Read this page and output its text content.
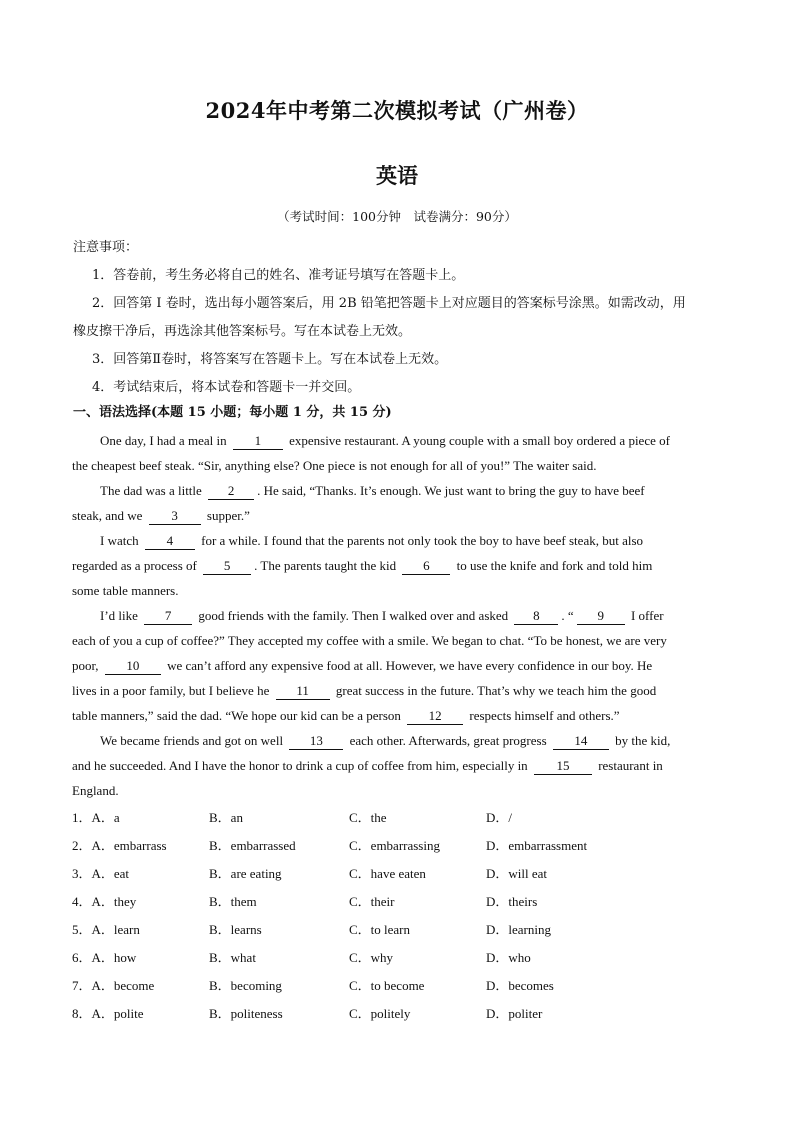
2024年中考第二次模拟考试（广州卷）
英语
（考试时间：100分钟　试卷满分：90分）
注意事项：
1．答卷前，考生务必将自己的姓名、准考证号填写在答题卡上。
2．回答第 I 卷时，选出每小题答案后，用 2B 铅笔把答题卡上对应题目的答案标号涂黑。如需改动，用
橡皮擦干净后，再选涂其他答案标号。写在本试卷上无效。
3．回答第Ⅱ卷时，将答案写在答题卡上。写在本试卷上无效。
4．考试结束后，将本试卷和答题卡一并交回。
一、语法选择(本题 15 小题；每小题 1 分，共 15 分)
One day, I had a meal in 1 expensive restaurant. A young couple with a small boy ordered a piece of
the cheapest beef steak. “Sir, anything else? One piece is not enough for all of you!” The waiter said.
The dad was a little 2 . He said, “Thanks. It’s enough. We just want to bring the guy to have beef
steak, and we 3 supper.”
I watch 4 for a while. I found that the parents not only took the boy to have beef steak, but also
regarded as a process of 5 . The parents taught the kid 6 to use the knife and fork and told him
some table manners.
I’d like 7 good friends with the family. Then I walked over and asked 8 . “ 9 I offer
each of you a cup of coffee?” They accepted my coffee with a smile. We began to chat. “To be honest, we are very
poor, 10 we can’t afford any expensive food at all. However, we have every confidence in our boy. He
lives in a poor family, but I believe he 11 great success in the future. That’s why we teach him the good
table manners,” said the dad. “We hope our kid can be a person 12 respects himself and others.”
We became friends and got on well 13 each other. Afterwards, great progress 14 by the kid,
and he succeeded. And I have the honor to drink a cup of coffee from him, especially in 15 restaurant in
England.
1．A．a	B．an	C．the	D．/
2．A．embarrass	B．embarrassed	C．embarrassing	D．embarrassment
3．A．eat	B．are eating	C．have eaten	D．will eat
4．A．they	B．them	C．their	D．theirs
5．A．learn	B．learns	C．to learn	D．learning
6．A．how	B．what	C．why	D．who
7．A．become	B．becoming	C．to become	D．becomes
8．A．polite	B．politeness	C．politely	D．politer
